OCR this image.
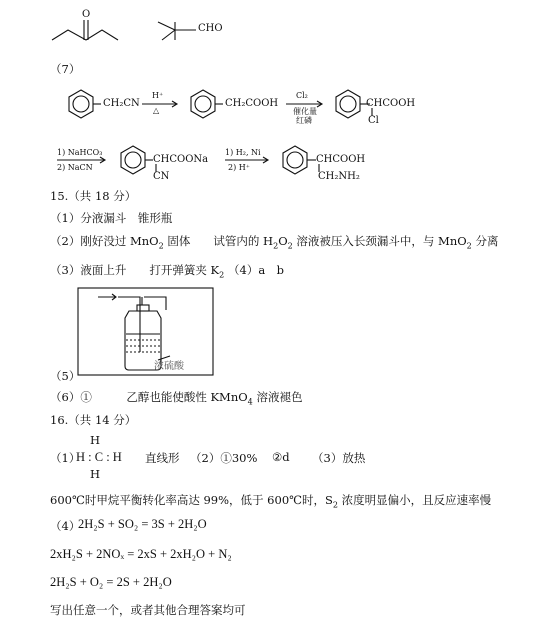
O
CHO
（7）
CH₂CN
H⁺
△
CH₂COOH
Cl₂
催化量
红磷
CHCOOH
Cl
1) NaHCO₃
2) NaCN
CHCOONa
CN
1) H₂, Ni
2) H⁺
CHCOOH
CH₂NH₂
15.（共 18 分）
（1）分液漏斗　锥形瓶
（2）刚好没过 MnO$_2$ 固体　　试管内的 $H_2O_2$ 溶液被压入长颈漏斗中，与 MnO$_2$ 分离
（3）液面上升　　打开弹簧夹 $K_2$ （4）a　b
浓硫酸
（5）
（6）①　　　乙醇也能使酸性 KMnO$_4$ 溶液褪色
16.（共 14 分）
（1）
H
H : C : H
H
直线形 （2）①30% ②d （3）放热
600℃时甲烷平衡转化率高达 99%，低于 600℃时，$S_2$ 浓度明显偏小，且反应速率慢
（4）
2H₂S + SO₂ = 3S + 2H₂O
2xH₂S + 2NOₓ = 2xS + 2xH₂O + N₂
2H₂S + O₂ = 2S + 2H₂O
写出任意一个，或者其他合理答案均可
